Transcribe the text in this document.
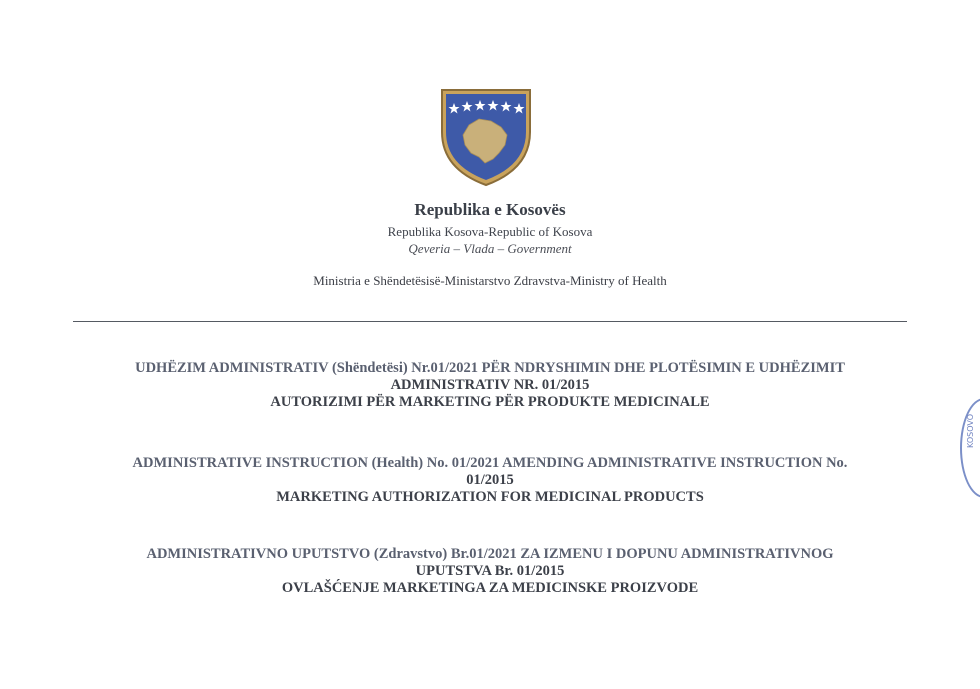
Republika e Kosovës
Republika Kosova-Republic of Kosova
Qeveria – Vlada – Government
Ministria e Shëndetësisë-Ministarstvo Zdravstva-Ministry of Health
UDHËZIM ADMINISTRATIV (Shëndetësi) Nr.01/2021 PËR NDRYSHIMIN DHE PLOTËSIMIN E UDHËZIMIT

ADMINISTRATIV NR. 01/2015
AUTORIZIMI PËR MARKETING PËR PRODUKTE MEDICINALE
ADMINISTRATIVE INSTRUCTION (Health) No. 01/2021 AMENDING ADMINISTRATIVE INSTRUCTION No.

01/2015
MARKETING AUTHORIZATION FOR MEDICINAL PRODUCTS
ADMINISTRATIVNO UPUTSTVO (Zdravstvo) Br.01/2021 ZA IZMENU I DOPUNU ADMINISTRATIVNOG

UPUTSTVA Br. 01/2015
OVLAŠĆENJE MARKETINGA ZA MEDICINSKE PROIZVODE
KOSOVO
